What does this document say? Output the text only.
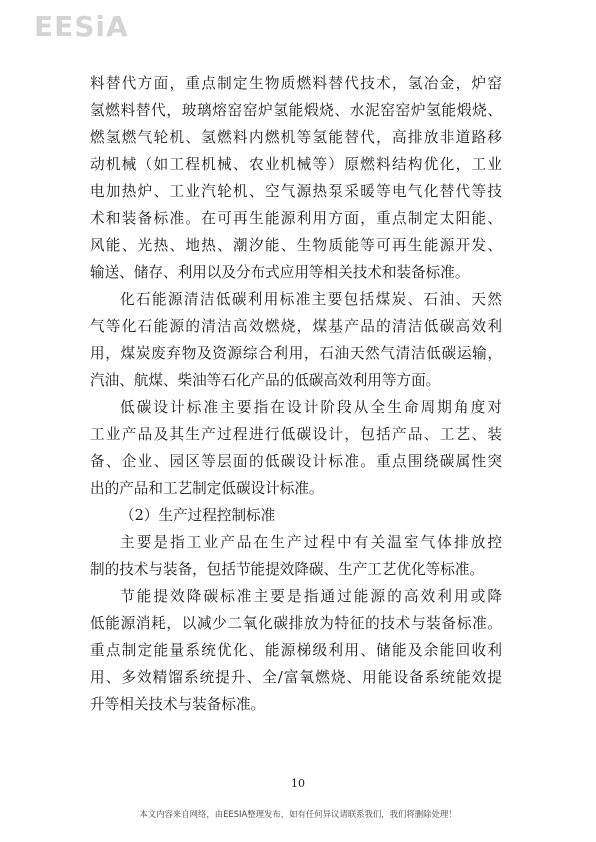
EESiA
料替代方面，重点制定生物质燃料替代技术，氢冶金，炉窑
氢燃料替代，玻璃熔窑窑炉氢能煅烧、水泥窑窑炉氢能煅烧、
燃氢燃气轮机、氢燃料内燃机等氢能替代，高排放非道路移
动机械（如工程机械、农业机械等）原燃料结构优化，工业
电加热炉、工业汽轮机、空气源热泵采暖等电气化替代等技
术和装备标准。在可再生能源利用方面，重点制定太阳能、
风能、光热、地热、潮汐能、生物质能等可再生能源开发、
输送、储存、利用以及分布式应用等相关技术和装备标准。
化石能源清洁低碳利用标准主要包括煤炭、石油、天然
气等化石能源的清洁高效燃烧，煤基产品的清洁低碳高效利
用，煤炭废弃物及资源综合利用，石油天然气清洁低碳运输，
汽油、航煤、柴油等石化产品的低碳高效利用等方面。
低碳设计标准主要指在设计阶段从全生命周期角度对
工业产品及其生产过程进行低碳设计，包括产品、工艺、装
备、企业、园区等层面的低碳设计标准。重点围绕碳属性突
出的产品和工艺制定低碳设计标准。
（2）生产过程控制标准
主要是指工业产品在生产过程中有关温室气体排放控
制的技术与装备，包括节能提效降碳、生产工艺优化等标准。
节能提效降碳标准主要是指通过能源的高效利用或降
低能源消耗，以减少二氧化碳排放为特征的技术与装备标准。
重点制定能量系统优化、能源梯级利用、储能及余能回收利
用、多效精馏系统提升、全/富氧燃烧、用能设备系统能效提
升等相关技术与装备标准。
10
本文内容来自网络，由EESIA整理发布，如有任何异议请联系我们，我们将删除处理！
